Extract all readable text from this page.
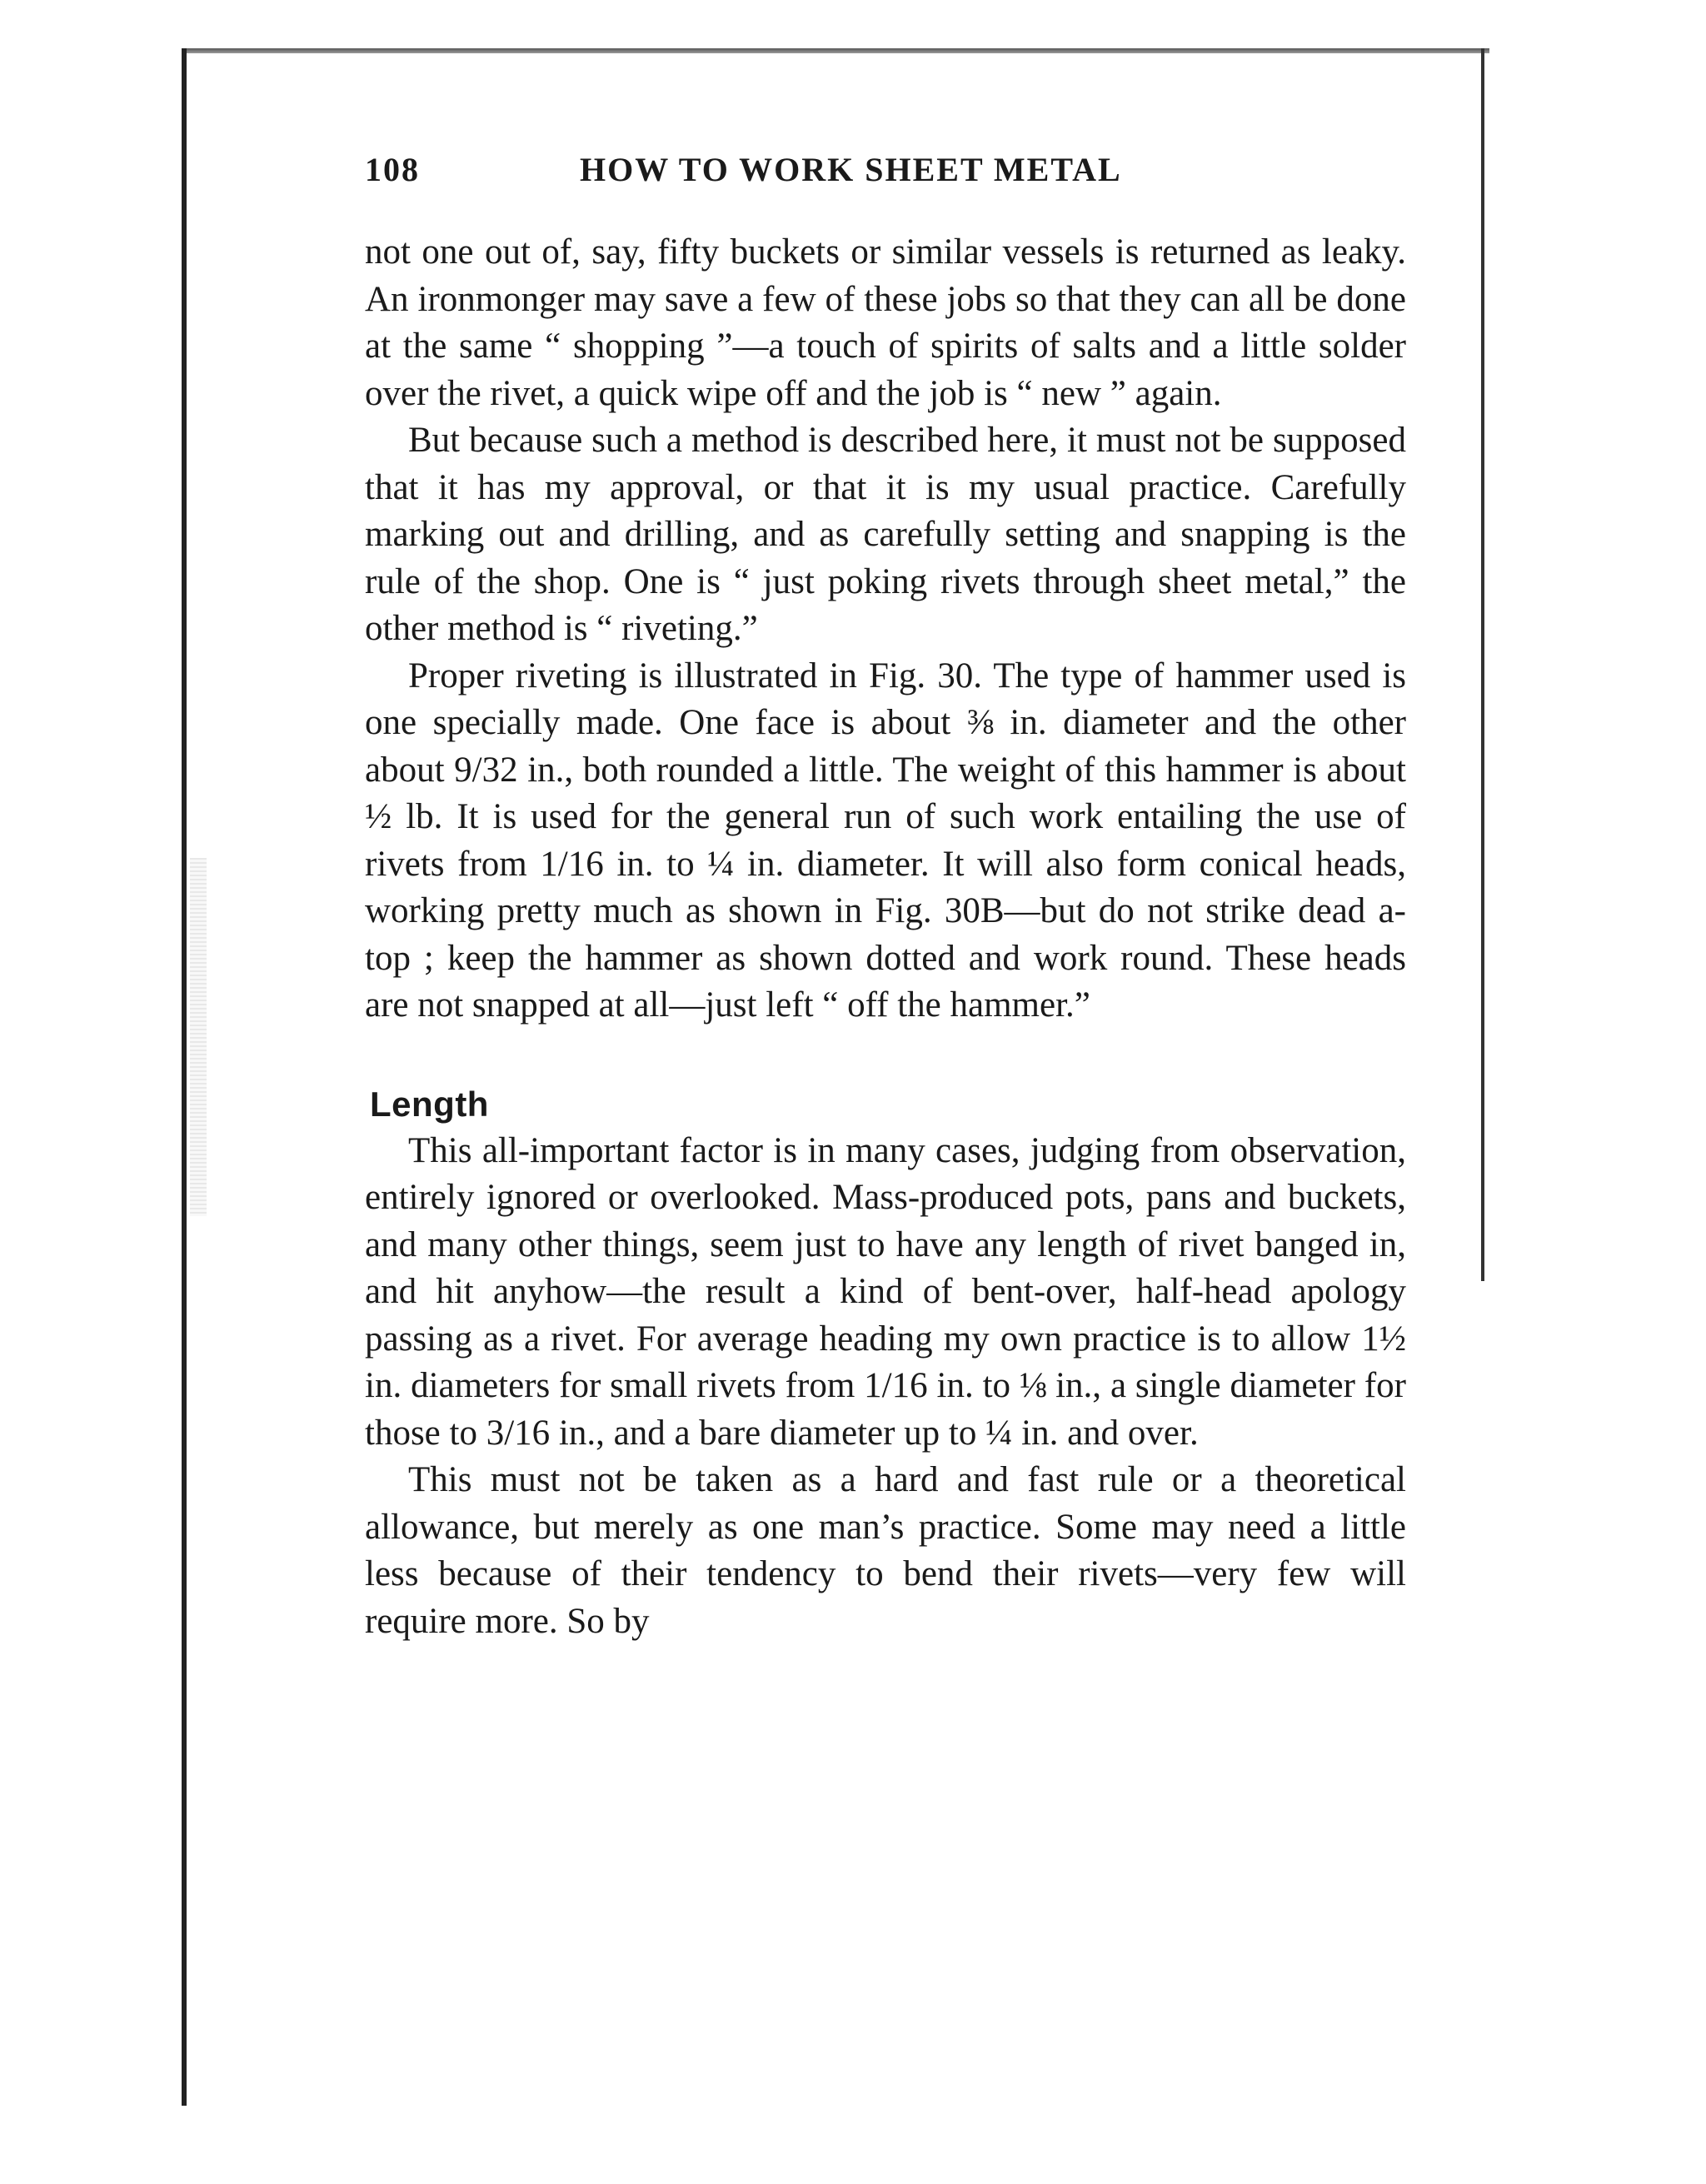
108	HOW TO WORK SHEET METAL

not one out of, say, fifty buckets or similar vessels is returned as leaky. An ironmonger may save a few of these jobs so that they can all be done at the same “ shopping ”—a touch of spirits of salts and a little solder over the rivet, a quick wipe off and the job is “ new ” again.

But because such a method is described here, it must not be supposed that it has my approval, or that it is my usual practice. Carefully marking out and drilling, and as carefully setting and snapping is the rule of the shop. One is “ just poking rivets through sheet metal,” the other method is “ riveting.”

Proper riveting is illustrated in Fig. 30. The type of hammer used is one specially made. One face is about ⅜ in. diameter and the other about 9/32 in., both rounded a little. The weight of this hammer is about ½ lb. It is used for the general run of such work entailing the use of rivets from 1/16 in. to ¼ in. diameter. It will also form conical heads, working pretty much as shown in Fig. 30B—but do not strike dead a-top ; keep the hammer as shown dotted and work round. These heads are not snapped at all—just left “ off the hammer.”

Length

This all-important factor is in many cases, judging from observation, entirely ignored or overlooked. Mass-produced pots, pans and buckets, and many other things, seem just to have any length of rivet banged in, and hit anyhow—the result a kind of bent-over, half-head apology passing as a rivet. For average heading my own practice is to allow 1½ in. diameters for small rivets from 1/16 in. to ⅛ in., a single diameter for those to 3/16 in., and a bare diameter up to ¼ in. and over.

This must not be taken as a hard and fast rule or a theoretical allowance, but merely as one man’s practice. Some may need a little less because of their tendency to bend their rivets—very few will require more. So by
